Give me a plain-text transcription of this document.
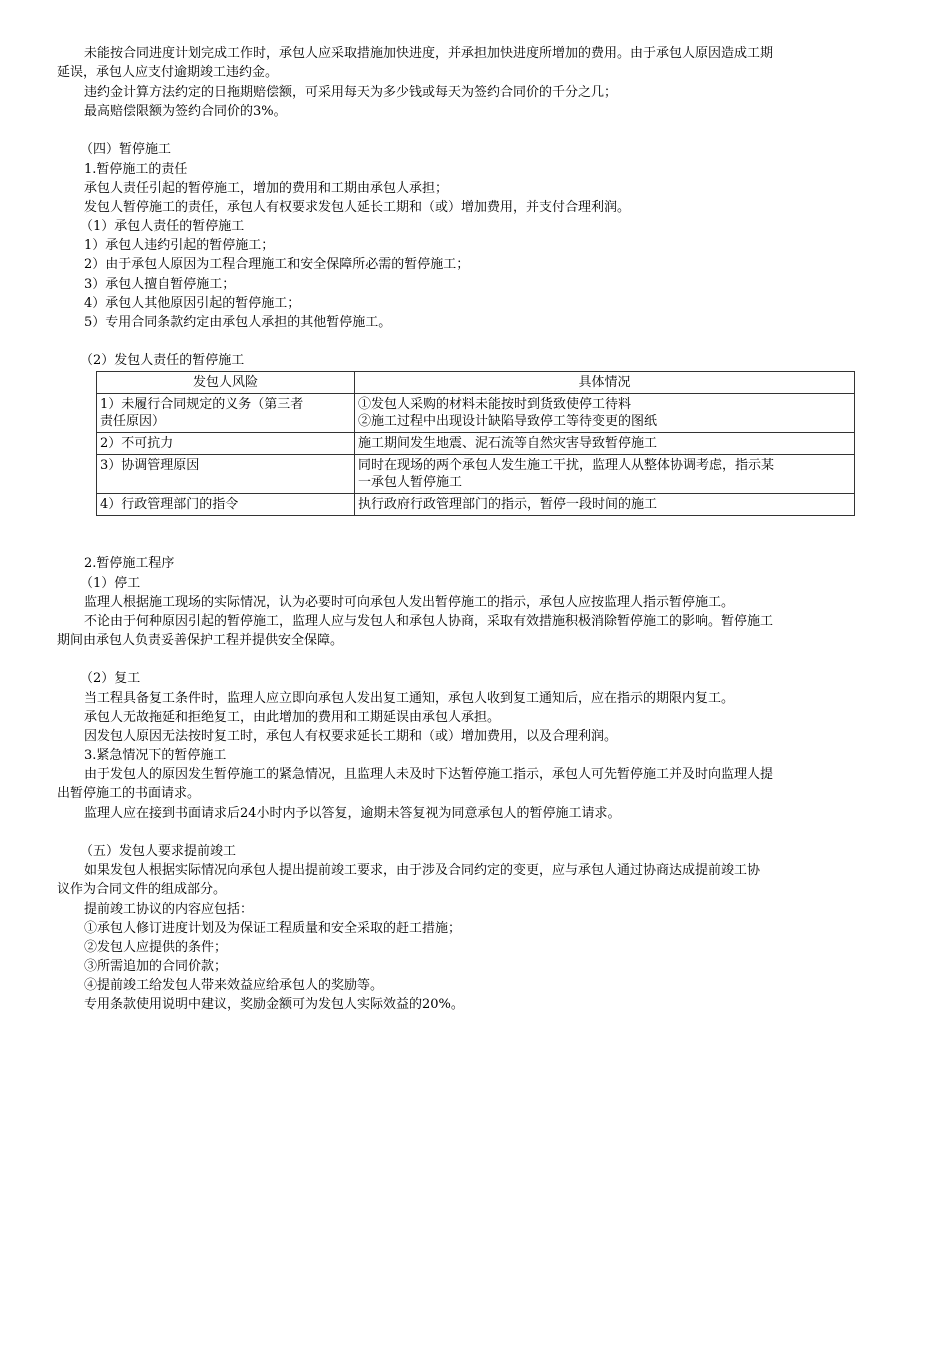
未能按合同进度计划完成工作时，承包人应采取措施加快进度，并承担加快进度所增加的费用。由于承包人原因造成工期
延误，承包人应支付逾期竣工违约金。
违约金计算方法约定的日拖期赔偿额，可采用每天为多少钱或每天为签约合同价的千分之几；
最高赔偿限额为签约合同价的3%。
（四）暂停施工
1.暂停施工的责任
承包人责任引起的暂停施工，增加的费用和工期由承包人承担；
发包人暂停施工的责任，承包人有权要求发包人延长工期和（或）增加费用，并支付合理利润。
（1）承包人责任的暂停施工
1）承包人违约引起的暂停施工；
2）由于承包人原因为工程合理施工和安全保障所必需的暂停施工；
3）承包人擅自暂停施工；
4）承包人其他原因引起的暂停施工；
5）专用合同条款约定由承包人承担的其他暂停施工。
（2）发包人责任的暂停施工
发包人风险	具体情况

1）未履行合同规定的义务（第三者
责任原因）	①发包人采购的材料未能按时到货致使停工待料
②施工过程中出现设计缺陷导致停工等待变更的图纸

2）不可抗力	施工期间发生地震、泥石流等自然灾害导致暂停施工

3）协调管理原因	同时在现场的两个承包人发生施工干扰，监理人从整体协调考虑，指示某
一承包人暂停施工

4）行政管理部门的指令	执行政府行政管理部门的指示，暂停一段时间的施工
2.暂停施工程序
（1）停工
监理人根据施工现场的实际情况，认为必要时可向承包人发出暂停施工的指示，承包人应按监理人指示暂停施工。
不论由于何种原因引起的暂停施工，监理人应与发包人和承包人协商，采取有效措施积极消除暂停施工的影响。暂停施工
期间由承包人负责妥善保护工程并提供安全保障。
（2）复工
当工程具备复工条件时，监理人应立即向承包人发出复工通知，承包人收到复工通知后，应在指示的期限内复工。
承包人无故拖延和拒绝复工，由此增加的费用和工期延误由承包人承担。
因发包人原因无法按时复工时，承包人有权要求延长工期和（或）增加费用，以及合理利润。
3.紧急情况下的暂停施工
由于发包人的原因发生暂停施工的紧急情况，且监理人未及时下达暂停施工指示，承包人可先暂停施工并及时向监理人提
出暂停施工的书面请求。
监理人应在接到书面请求后24小时内予以答复，逾期未答复视为同意承包人的暂停施工请求。
（五）发包人要求提前竣工
如果发包人根据实际情况向承包人提出提前竣工要求，由于涉及合同约定的变更，应与承包人通过协商达成提前竣工协
议作为合同文件的组成部分。
提前竣工协议的内容应包括：
①承包人修订进度计划及为保证工程质量和安全采取的赶工措施；
②发包人应提供的条件；
③所需追加的合同价款；
④提前竣工给发包人带来效益应给承包人的奖励等。
专用条款使用说明中建议，奖励金额可为发包人实际效益的20%。
